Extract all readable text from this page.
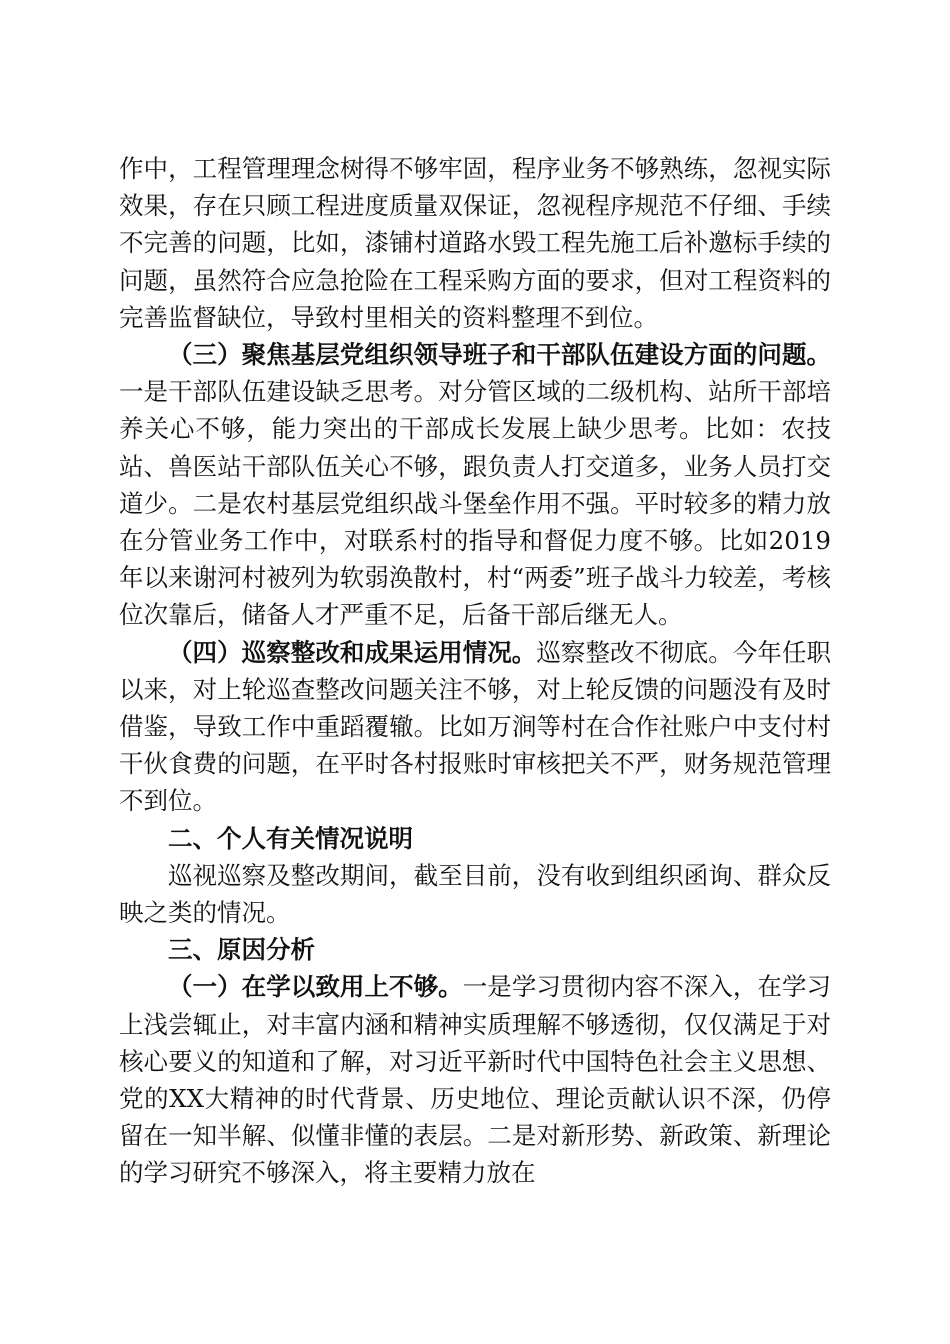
作中，工程管理理念树得不够牢固，程序业务不够熟练，忽视实际效果，存在只顾工程进度质量双保证，忽视程序规范不仔细、手续不完善的问题，比如，漆铺村道路水毁工程先施工后补邀标手续的问题，虽然符合应急抢险在工程采购方面的要求，但对工程资料的完善监督缺位，导致村里相关的资料整理不到位。

（三）聚焦基层党组织领导班子和干部队伍建设方面的问题。一是干部队伍建设缺乏思考。对分管区域的二级机构、站所干部培养关心不够，能力突出的干部成长发展上缺少思考。比如：农技站、兽医站干部队伍关心不够，跟负责人打交道多，业务人员打交道少。二是农村基层党组织战斗堡垒作用不强。平时较多的精力放在分管业务工作中，对联系村的指导和督促力度不够。比如2019年以来谢河村被列为软弱涣散村，村“两委”班子战斗力较差，考核位次靠后，储备人才严重不足，后备干部后继无人。

（四）巡察整改和成果运用情况。巡察整改不彻底。今年任职以来，对上轮巡查整改问题关注不够，对上轮反馈的问题没有及时借鉴，导致工作中重蹈覆辙。比如万涧等村在合作社账户中支付村干伙食费的问题，在平时各村报账时审核把关不严，财务规范管理不到位。

二、个人有关情况说明

巡视巡察及整改期间，截至目前，没有收到组织函询、群众反映之类的情况。

三、原因分析

（一）在学以致用上不够。一是学习贯彻内容不深入，在学习上浅尝辄止，对丰富内涵和精神实质理解不够透彻，仅仅满足于对核心要义的知道和了解，对习近平新时代中国特色社会主义思想、党的XX大精神的时代背景、历史地位、理论贡献认识不深，仍停留在一知半解、似懂非懂的表层。二是对新形势、新政策、新理论的学习研究不够深入，将主要精力放在
